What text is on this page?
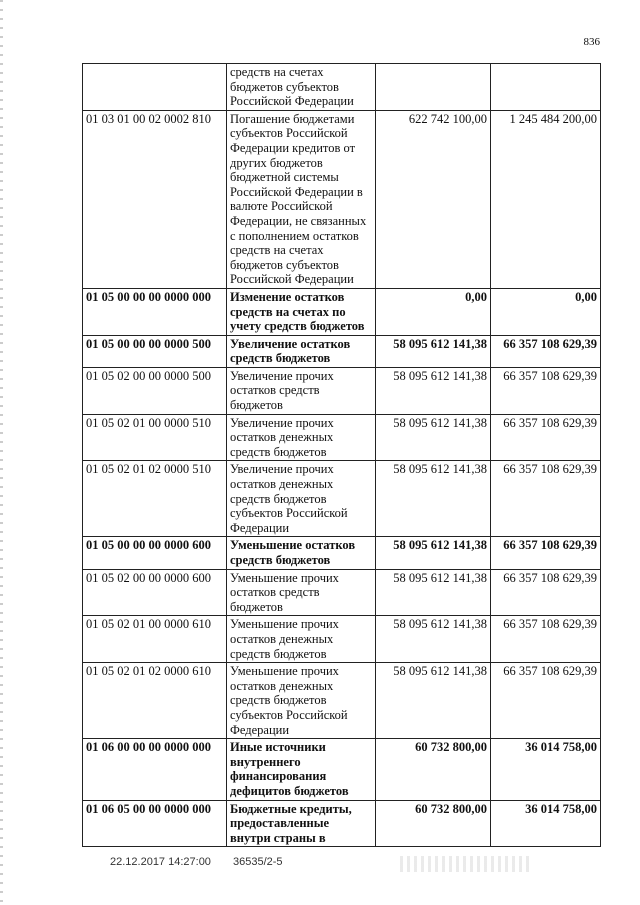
836
	средств на счетах бюджетов субъектов Российской Федерации		
01 03 01 00 02 0002 810	Погашение бюджетами субъектов Российской Федерации кредитов от других бюджетов бюджетной системы Российской Федерации в валюте Российской Федерации, не связанных с пополнением остатков средств на счетах бюджетов субъектов Российской Федерации	622 742 100,00	1 245 484 200,00
01 05 00 00 00 0000 000	Изменение остатков средств на счетах по учету средств бюджетов	0,00	0,00
01 05 00 00 00 0000 500	Увеличение остатков средств бюджетов	58 095 612 141,38	66 357 108 629,39
01 05 02 00 00 0000 500	Увеличение прочих остатков средств бюджетов	58 095 612 141,38	66 357 108 629,39
01 05 02 01 00 0000 510	Увеличение прочих остатков денежных средств бюджетов	58 095 612 141,38	66 357 108 629,39
01 05 02 01 02 0000 510	Увеличение прочих остатков денежных средств бюджетов субъектов Российской Федерации	58 095 612 141,38	66 357 108 629,39
01 05 00 00 00 0000 600	Уменьшение остатков средств бюджетов	58 095 612 141,38	66 357 108 629,39
01 05 02 00 00 0000 600	Уменьшение прочих остатков средств бюджетов	58 095 612 141,38	66 357 108 629,39
01 05 02 01 00 0000 610	Уменьшение прочих остатков денежных средств бюджетов	58 095 612 141,38	66 357 108 629,39
01 05 02 01 02 0000 610	Уменьшение прочих остатков денежных средств бюджетов субъектов Российской Федерации	58 095 612 141,38	66 357 108 629,39
01 06 00 00 00 0000 000	Иные источники внутреннего финансирования дефицитов бюджетов	60 732 800,00	36 014 758,00
01 06 05 00 00 0000 000	Бюджетные кредиты, предоставленные внутри страны в	60 732 800,00	36 014 758,00
22.12.2017 14:27:00 36535/2-5
